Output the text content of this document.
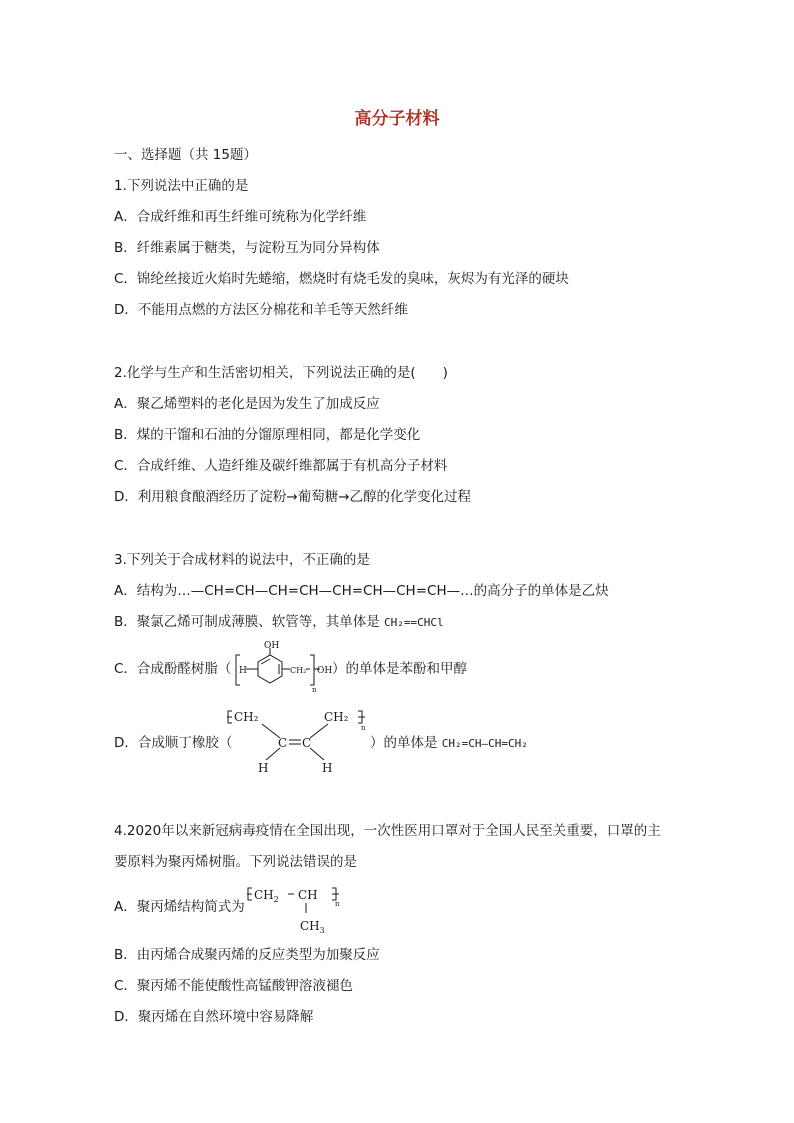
高分子材料
一、选择题（共 15题）
1.下列说法中正确的是
A．合成纤维和再生纤维可统称为化学纤维
B．纤维素属于糖类，与淀粉互为同分异构体
C．锦纶丝接近火焰时先蜷缩，燃烧时有烧毛发的臭味，灰烬为有光泽的硬块
D．不能用点燃的方法区分棉花和羊毛等天然纤维
2.化学与生产和生活密切相关，下列说法正确的是(　　)
A．聚乙烯塑料的老化是因为发生了加成反应
B．煤的干馏和石油的分馏原理相同，都是化学变化
C．合成纤维、人造纤维及碳纤维都属于有机高分子材料
D．利用粮食酿酒经历了淀粉→葡萄糖→乙醇的化学变化过程
3.下列关于合成材料的说法中，不正确的是
A．结构为…—CH=CH—CH=CH—CH=CH—CH=CH—…的高分子的单体是乙炔
B．聚氯乙烯可制成薄膜、软管等，其单体是 CH₂==CHCl
C．合成酚醛树脂（
OH
H	CH₂ OH
n
）的单体是苯酚和甲醇
D．合成顺丁橡胶（
CH₂	CH₂
C C
H	H
n
）的单体是 CH₂=CH—CH=CH₂
4.2020年以来新冠病毒疫情在全国出现，一次性医用口罩对于全国人民至关重要，口罩的主
要原料为聚丙烯树脂。下列说法错误的是
A．聚丙烯结构简式为
$CH_2$ CH
$CH_3$
n
B．由丙烯合成聚丙烯的反应类型为加聚反应
C．聚丙烯不能使酸性高锰酸钾溶液褪色
D．聚丙烯在自然环境中容易降解
